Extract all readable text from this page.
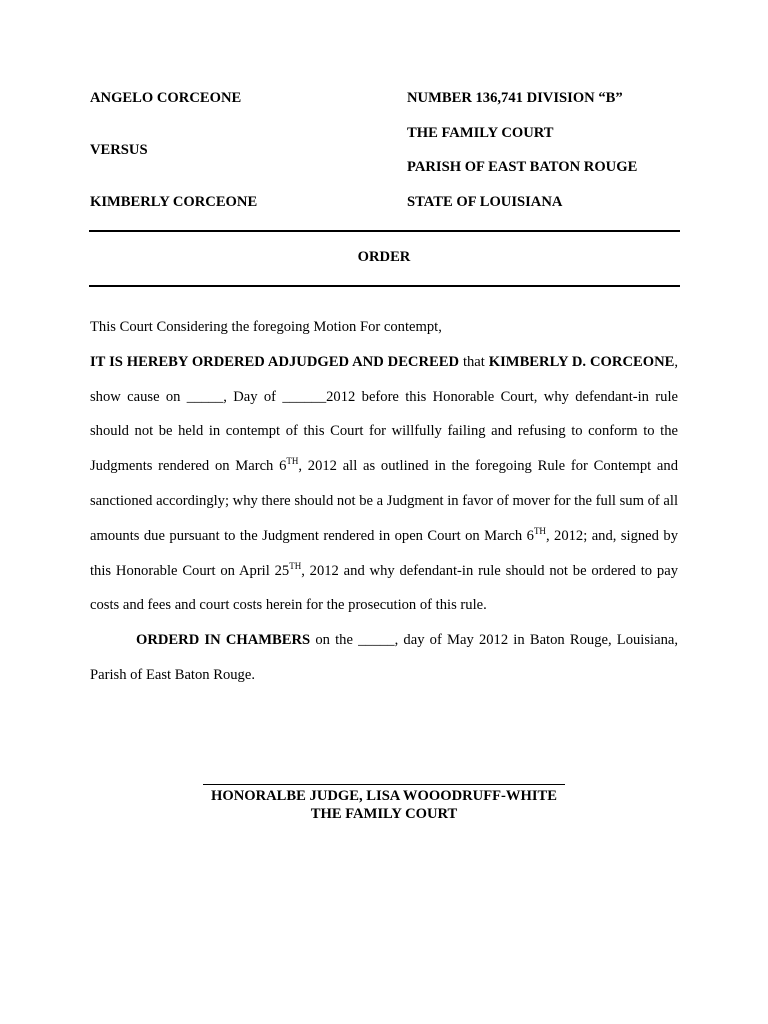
ANGELO CORCEONE
VERSUS
KIMBERLY CORCEONE
NUMBER 136,741 DIVISION “B”
THE FAMILY COURT
PARISH OF EAST BATON ROUGE
STATE OF LOUISIANA
ORDER

This Court Considering the foregoing Motion For contempt,

IT IS HEREBY ORDERED ADJUDGED AND DECREED that KIMBERLY D. CORCEONE, show cause on _____, Day of ______2012 before this Honorable Court, why defendant-in rule should not be held in contempt of this Court for willfully failing and refusing to conform to the Judgments rendered on March 6TH, 2012 all as outlined in the foregoing Rule for Contempt and sanctioned accordingly; why there should not be a Judgment in favor of mover for the full sum of all amounts due pursuant to the Judgment rendered in open Court on March 6TH, 2012; and, signed by this Honorable Court on April 25TH, 2012 and why defendant-in rule should not be ordered to pay costs and fees and court costs herein for the prosecution of this rule.

ORDERD IN CHAMBERS on the _____, day of May 2012 in Baton Rouge, Louisiana, Parish of East Baton Rouge.

HONORALBE JUDGE, LISA WOOODRUFF-WHITE
THE FAMILY COURT
